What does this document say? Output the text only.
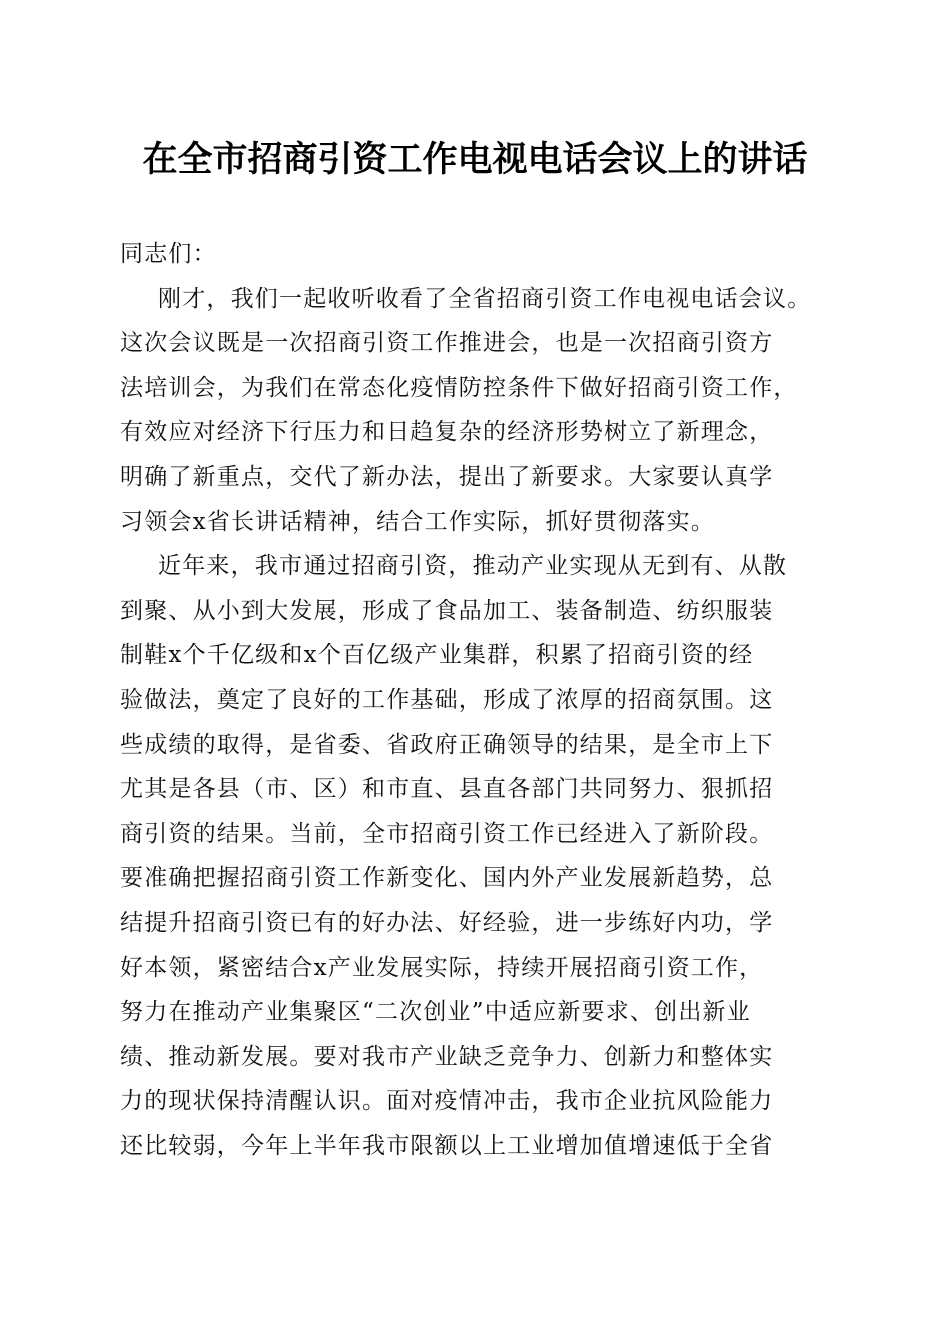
在全市招商引资工作电视电话会议上的讲话
同志们：
刚才，我们一起收听收看了全省招商引资工作电视电话会议。
这次会议既是一次招商引资工作推进会，也是一次招商引资方
法培训会，为我们在常态化疫情防控条件下做好招商引资工作，
有效应对经济下行压力和日趋复杂的经济形势树立了新理念，
明确了新重点，交代了新办法，提出了新要求。大家要认真学
习领会x省长讲话精神，结合工作实际，抓好贯彻落实。
近年来，我市通过招商引资，推动产业实现从无到有、从散
到聚、从小到大发展，形成了食品加工、装备制造、纺织服装
制鞋x个千亿级和x个百亿级产业集群，积累了招商引资的经
验做法，奠定了良好的工作基础，形成了浓厚的招商氛围。这
些成绩的取得，是省委、省政府正确领导的结果，是全市上下
尤其是各县（市、区）和市直、县直各部门共同努力、狠抓招
商引资的结果。当前，全市招商引资工作已经进入了新阶段。
要准确把握招商引资工作新变化、国内外产业发展新趋势，总
结提升招商引资已有的好办法、好经验，进一步练好内功，学
好本领，紧密结合x产业发展实际，持续开展招商引资工作，
努力在推动产业集聚区“二次创业”中适应新要求、创出新业
绩、推动新发展。要对我市产业缺乏竞争力、创新力和整体实
力的现状保持清醒认识。面对疫情冲击，我市企业抗风险能力
还比较弱，今年上半年我市限额以上工业增加值增速低于全省
